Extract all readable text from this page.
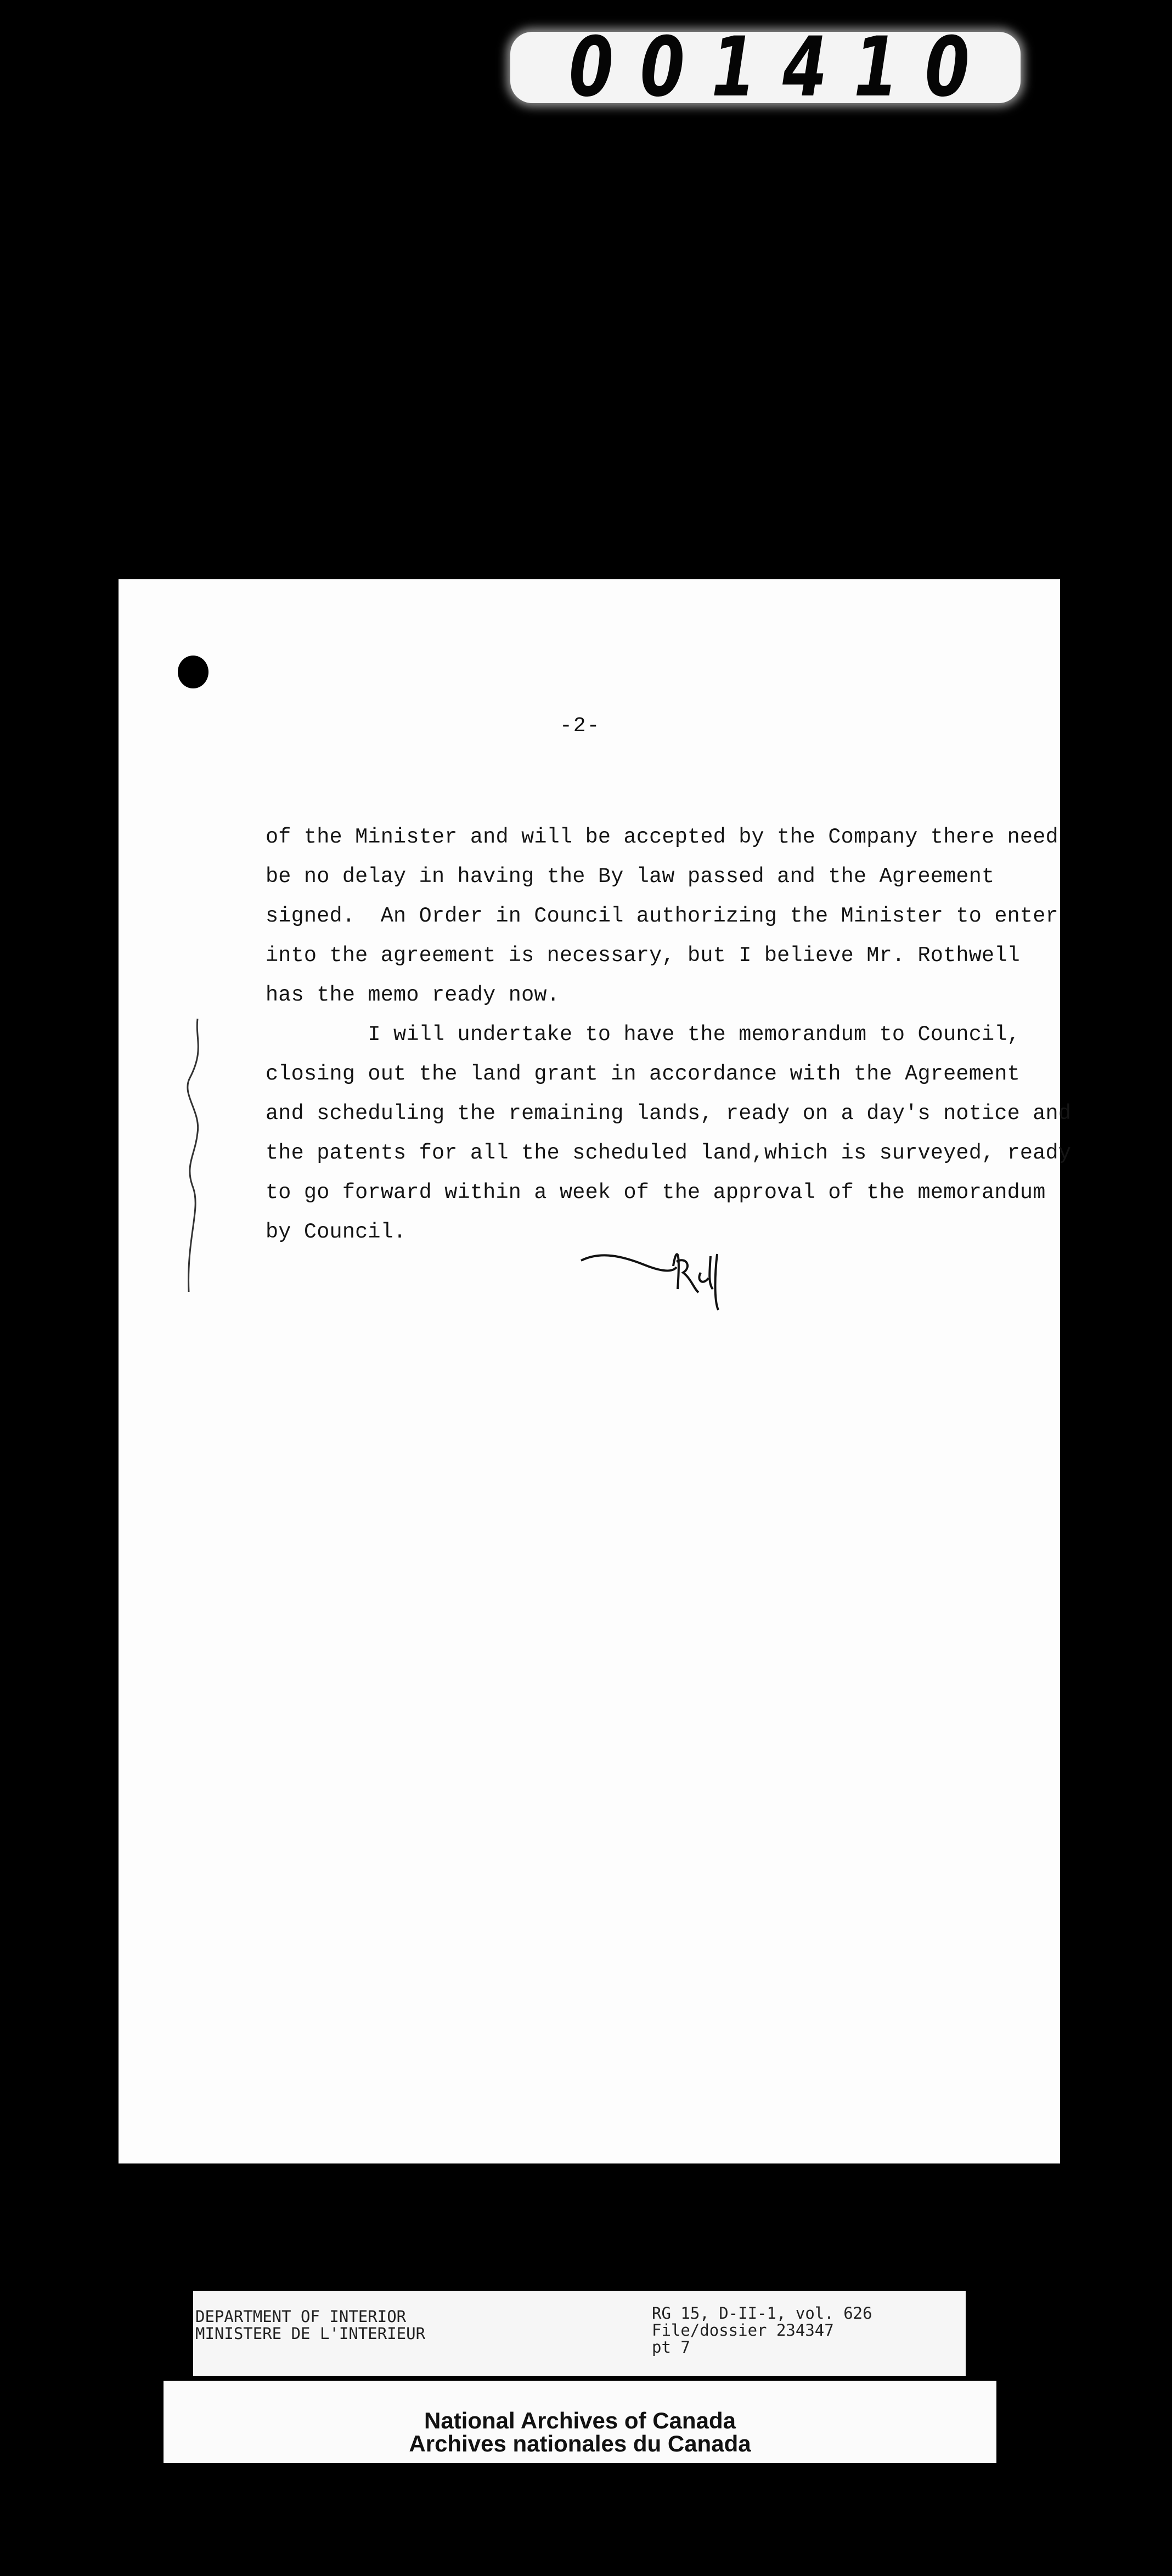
001410
-2-

of the Minister and will be accepted by the Company there need

be no delay in having the By law passed and the Agreement

signed.  An Order in Council authorizing the Minister to enter

into the agreement is necessary, but I believe Mr. Rothwell

has the memo ready now.

I will undertake to have the memorandum to Council,

closing out the land grant in accordance with the Agreement

and scheduling the remaining lands, ready on a day's notice and

the patents for all the scheduled land,which is surveyed, ready

to go forward within a week of the approval of the memorandum

by Council.

DEPARTMENT OF INTERIOR
MINISTERE DE L'INTERIEUR
RG 15, D-II-1, vol. 626
File/dossier 234347
pt 7
National Archives of Canada
Archives nationales du Canada
